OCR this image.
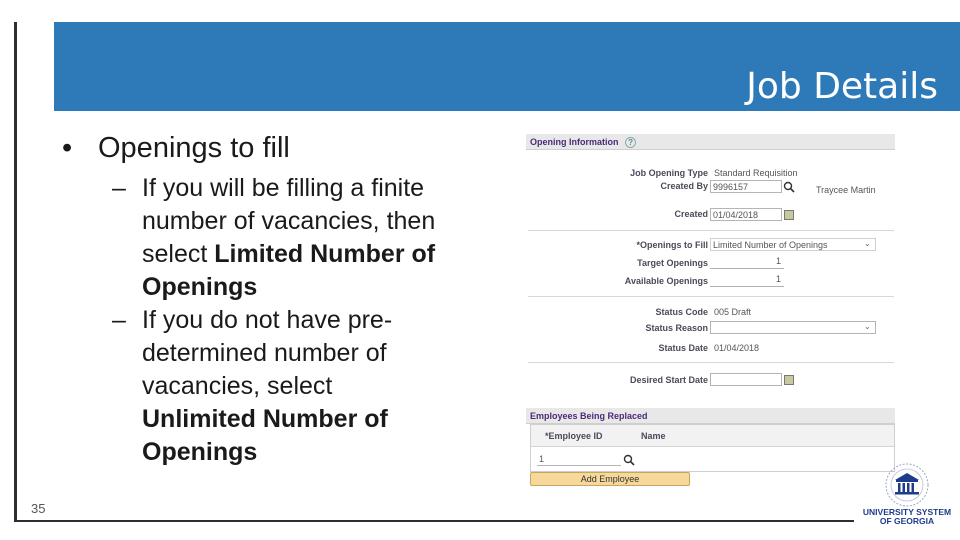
Job Details
• Openings to fill
– If you will be filling a finite number of vacancies, then select Limited Number of Openings
– If you do not have pre-determined number of vacancies, select Unlimited Number of Openings
35
Opening Information ?
Job Opening Type Standard Requisition
Created By 9996157	Traycee Martin
Created 01/04/2018
*Openings to Fill Limited Number of Openings	⌄
Target Openings	1
Available Openings	1
Status Code 005 Draft
Status Reason	⌄
Status Date 01/04/2018
Desired Start Date
Employees Being Replaced
*Employee ID	Name
1
Add Employee
UNIVERSITY SYSTEM
OF GEORGIA
